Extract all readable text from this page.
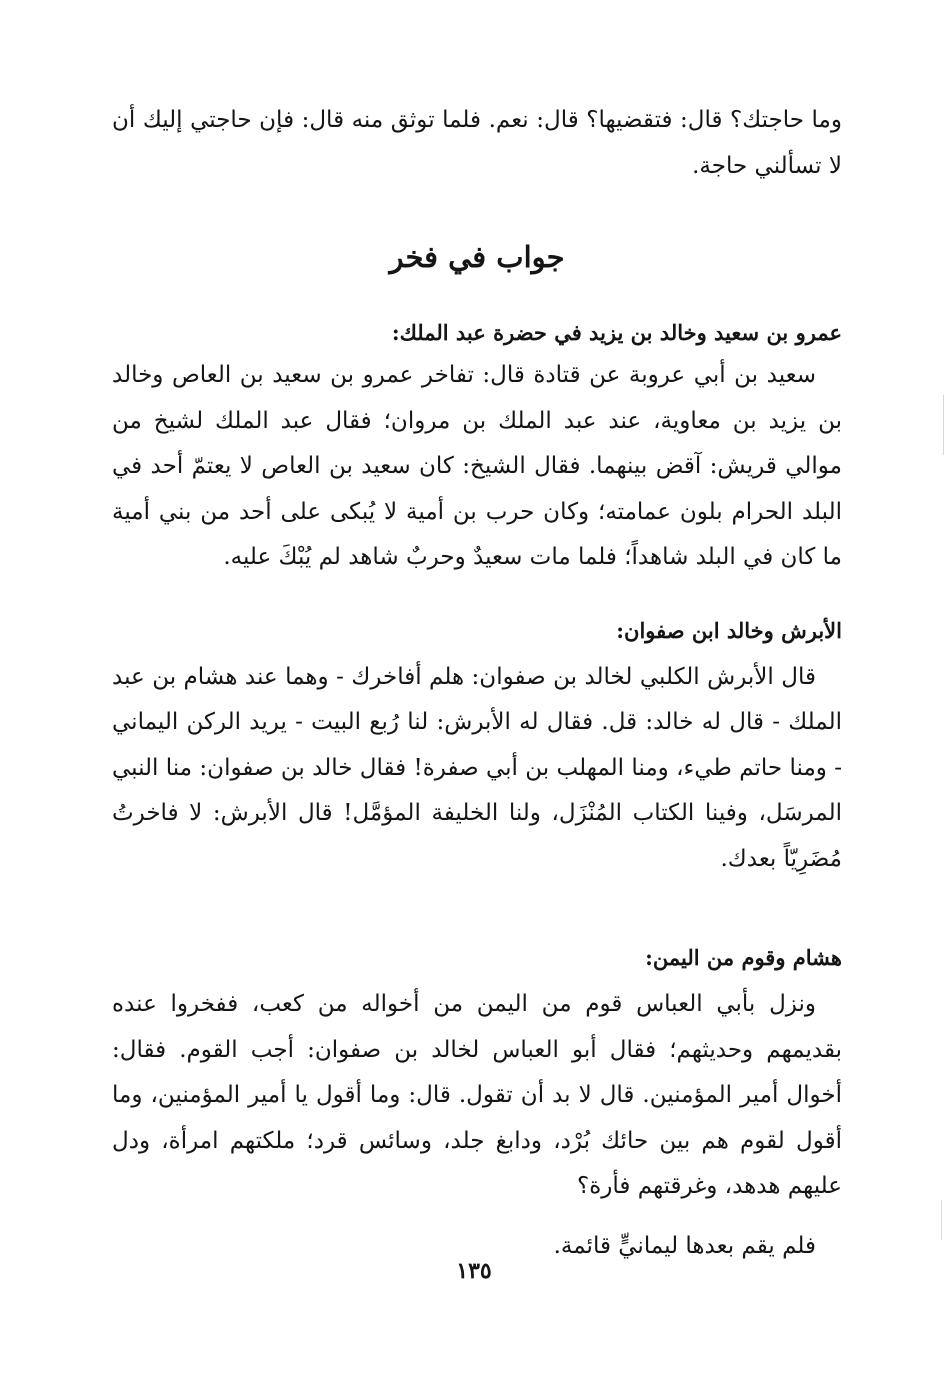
وما حاجتك؟ قال: فتقضيها؟ قال: نعم. فلما توثق منه قال: فإن حاجتي إليك أن لا تسألني حاجة.

جواب في فخر
عمرو بن سعيد وخالد بن يزيد في حضرة عبد الملك:

سعيد بن أبي عروبة عن قتادة قال: تفاخر عمرو بن سعيد بن العاص وخالد بن يزيد بن معاوية، عند عبد الملك بن مروان؛ فقال عبد الملك لشيخ من موالي قريش: آقض بينهما. فقال الشيخ: كان سعيد بن العاص لا يعتمّ أحد في البلد الحرام بلون عمامته؛ وكان حرب بن أمية لا يُبكى على أحد من بني أمية ما كان في البلد شاهداً؛ فلما مات سعيدٌ وحربٌ شاهد لم يُبْكَ عليه.

الأبرش وخالد ابن صفوان:

قال الأبرش الكلبي لخالد بن صفوان: هلم أفاخرك - وهما عند هشام بن عبد الملك - قال له خالد: قل. فقال له الأبرش: لنا رُبع البيت - يريد الركن اليماني - ومنا حاتم طيء، ومنا المهلب بن أبي صفرة! فقال خالد بن صفوان: منا النبي المرسَل، وفينا الكتاب المُنْزَل، ولنا الخليفة المؤمَّل! قال الأبرش: لا فاخرتُ مُضَرِيّاً بعدك.

هشام وقوم من اليمن:

ونزل بأبي العباس قوم من اليمن من أخواله من كعب، ففخروا عنده بقديمهم وحديثهم؛ فقال أبو العباس لخالد بن صفوان: أجب القوم. فقال: أخوال أمير المؤمنين. قال لا بد أن تقول. قال: وما أقول يا أمير المؤمنين، وما أقول لقوم هم بين حائك بُرْد، ودابغ جلد، وسائس قرد؛ ملكتهم امرأة، ودل عليهم هدهد، وغرقتهم فأرة؟

فلم يقم بعدها ليمانيٍّ قائمة.

١٣٥
